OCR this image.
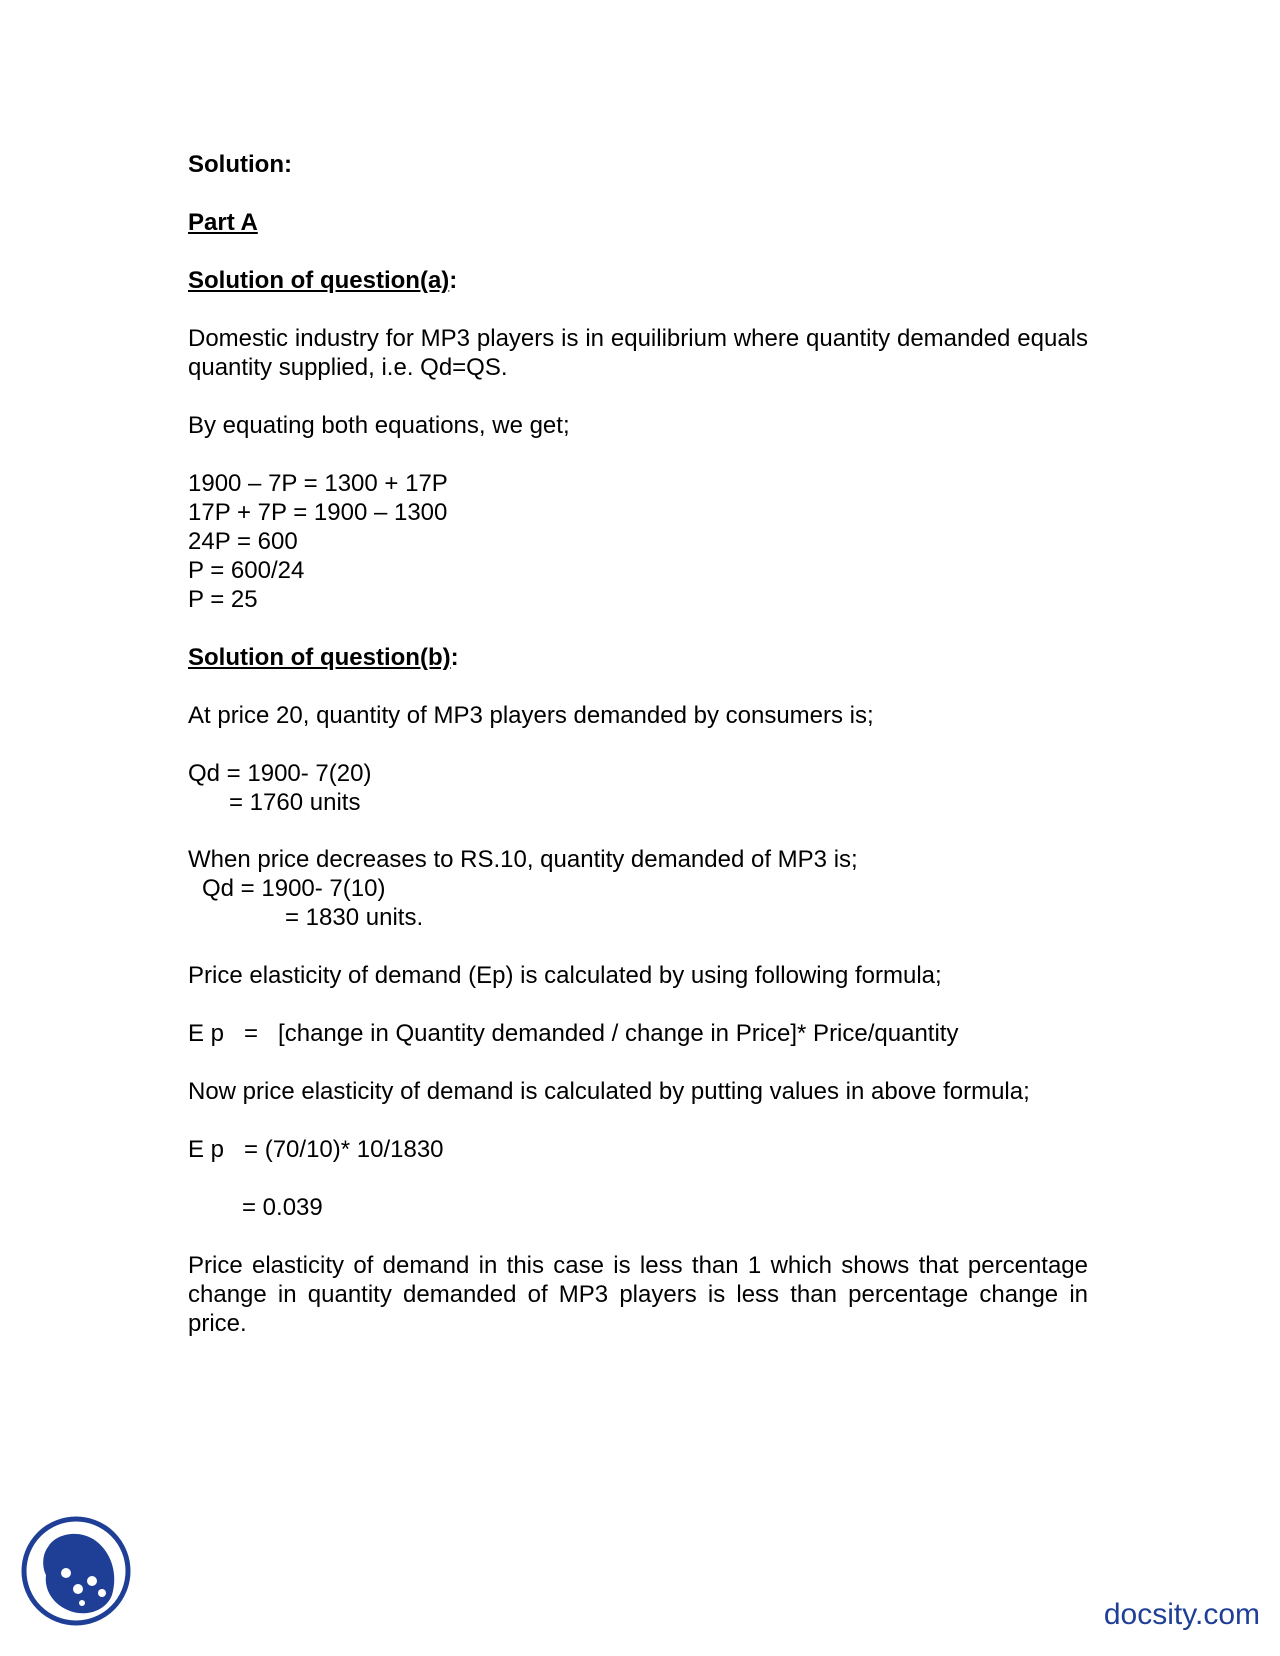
Solution:
Part A
Solution of question(a):
Domestic industry for MP3 players is in equilibrium where quantity demanded equals quantity supplied, i.e. Qd=QS.
By equating both equations, we get;
1900 – 7P = 1300 + 17P
17P + 7P = 1900 – 1300
24P = 600
P = 600/24
P = 25
Solution of question(b):
At price 20, quantity of MP3 players demanded by consumers is;
Qd = 1900- 7(20)
= 1760 units
When price decreases to RS.10, quantity demanded of MP3 is;
Qd = 1900- 7(10)
= 1830 units.
Price elasticity of demand (Ep) is calculated by using following formula;
E p   =   [change in Quantity demanded / change in Price]* Price/quantity
Now price elasticity of demand is calculated by putting values in above formula;
E p   = (70/10)* 10/1830
= 0.039
Price elasticity of demand in this case is less than 1 which shows that percentage change in quantity demanded of MP3 players is less than percentage change in price.
docsity.com
